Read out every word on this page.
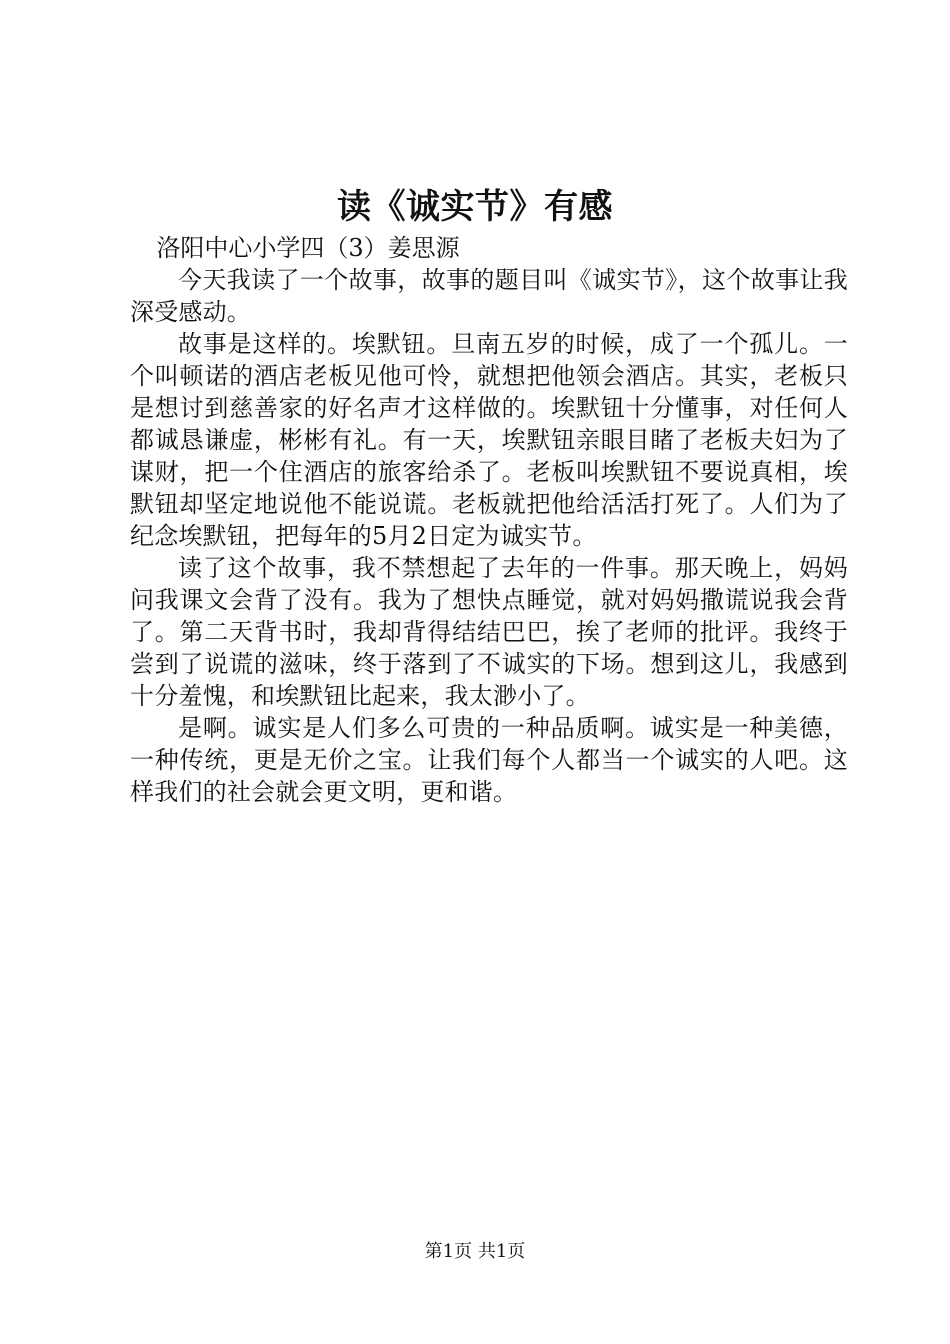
读《诚实节》有感

洛阳中心小学四（3）姜思源

今天我读了一个故事，故事的题目叫《诚实节》，这个故事让我深受感动。

故事是这样的。埃默钮。旦南五岁的时候，成了一个孤儿。一个叫顿诺的酒店老板见他可怜，就想把他领会酒店。其实，老板只是想讨到慈善家的好名声才这样做的。埃默钮十分懂事，对任何人都诚恳谦虚，彬彬有礼。有一天，埃默钮亲眼目睹了老板夫妇为了谋财，把一个住酒店的旅客给杀了。老板叫埃默钮不要说真相，埃默钮却坚定地说他不能说谎。老板就把他给活活打死了。人们为了纪念埃默钮，把每年的5月2日定为诚实节。

读了这个故事，我不禁想起了去年的一件事。那天晚上，妈妈问我课文会背了没有。我为了想快点睡觉，就对妈妈撒谎说我会背了。第二天背书时，我却背得结结巴巴，挨了老师的批评。我终于尝到了说谎的滋味，终于落到了不诚实的下场。想到这儿，我感到十分羞愧，和埃默钮比起来，我太渺小了。

是啊。诚实是人们多么可贵的一种品质啊。诚实是一种美德，一种传统，更是无价之宝。让我们每个人都当一个诚实的人吧。这样我们的社会就会更文明，更和谐。

第1页 共1页
